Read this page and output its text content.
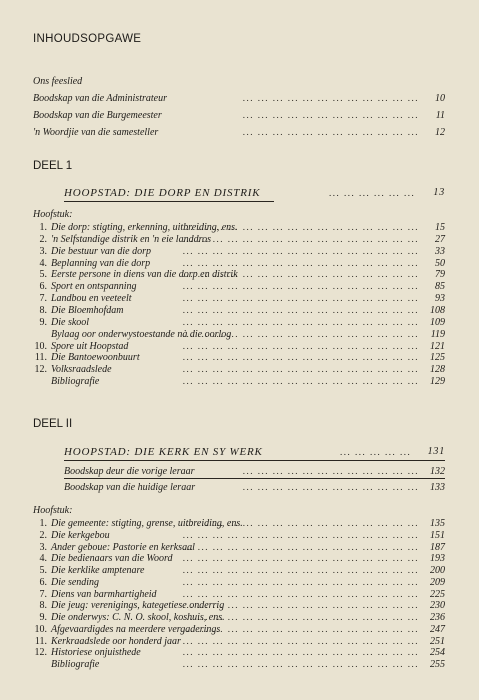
INHOUDSOPGAWE
Ons feeslied
Boodskap van die Administrateur	... ... ... ... ... ... ... ... ... ... ... ... 10
Boodskap van die Burgemeester	... ... ... ... ... ... ... ... ... ... ... ... 11
'n Woordjie van die samesteller	... ... ... ... ... ... ... ... ... ... ... ... 12
DEEL 1
HOOPSTAD: DIE DORP EN DISTRIK	... ... ... ... ... ...	13
Hoofstuk:
1. Die dorp: stigting, erkenning, uitbreiding, ens.
... ... ... ... ... ... ... ... ... ... ... ... ... ... ... ... 15
2. 'n Selfstandige distrik en 'n eie landdros
... ... ... ... ... ... ... ... ... ... ... ... ... ... ... ... 27
3. Die bestuur van die dorp	... ... ... ... ... ... ... ... ... ... ... ... ... ... ... ... 33
4. Beplanning van die dorp	... ... ... ... ... ... ... ... ... ... ... ... ... ... ... ... 50
5. Eerste persone in diens van die dorp en distrik
... ... ... ... ... ... ... ... ... ... ... ... ... ... ... ... 79
6. Sport en ontspanning	... ... ... ... ... ... ... ... ... ... ... ... ... ... ... ... 85
7. Landbou en veeteelt	... ... ... ... ... ... ... ... ... ... ... ... ... ... ... ... 93
8. Die Bloemhofdam	... ... ... ... ... ... ... ... ... ... ... ... ... ... ... ... 108
9. Die skool	... ... ... ... ... ... ... ... ... ... ... ... ... ... ... ... 109
Bylaag oor onderwystoestande nà die oorlog
... ... ... ... ... ... ... ... ... ... ... ... ... ... ... ... 119
10. Spore uit Hoopstad	... ... ... ... ... ... ... ... ... ... ... ... ... ... ... ... 121
11. Die Bantoewoonbuurt	... ... ... ... ... ... ... ... ... ... ... ... ... ... ... ... 125
12. Volksraadslede	... ... ... ... ... ... ... ... ... ... ... ... ... ... ... ... 128
Bibliografie	... ... ... ... ... ... ... ... ... ... ... ... ... ... ... ... 129
DEEL II
HOOPSTAD: DIE KERK EN SY WERK	... ... ... ... ...	131
Boodskap deur die vorige leraar	... ... ... ... ... ... ... ... ... ... ... ... 132
Boodskap van die huidige leraar	... ... ... ... ... ... ... ... ... ... ... ... 133
Hoofstuk:
1. Die gemeente: stigting, grense, uitbreiding, ens.
... ... ... ... ... ... ... ... ... ... ... ... ... ... ... ... 135
2. Die kerkgebou	... ... ... ... ... ... ... ... ... ... ... ... ... ... ... ... 151
3. Ander geboue: Pastorie en kerksaal
... ... ... ... ... ... ... ... ... ... ... ... ... ... ... ... 187
4. Die bedienaars van die Woord ... ... ... ... ... ... ... ... ... ... ... ... ... ... ... ... 193
5. Die kerklike amptenare	... ... ... ... ... ... ... ... ... ... ... ... ... ... ... ... 200
6. Die sending	... ... ... ... ... ... ... ... ... ... ... ... ... ... ... ... 209
7. Diens van barmhartigheid	... ... ... ... ... ... ... ... ... ... ... ... ... ... ... ... 225
8. Die jeug: verenigings, kategetiese onderrig
... ... ... ... ... ... ... ... ... ... ... ... ... ... ... ... 230
9. Die onderwys: C. N. O. skool, koshuis, ens.
... ... ... ... ... ... ... ... ... ... ... ... ... ... ... ... 236
10. Afgevaardigdes na meerdere vergaderings
... ... ... ... ... ... ... ... ... ... ... ... ... ... ... ... 247
11. Kerkraadslede oor honderd jaar ... ... ... ... ... ... ... ... ... ... ... ... ... ... ... ... 251
12. Historiese onjuisthede	... ... ... ... ... ... ... ... ... ... ... ... ... ... ... ... 254
Bibliografie	... ... ... ... ... ... ... ... ... ... ... ... ... ... ... ... 255
